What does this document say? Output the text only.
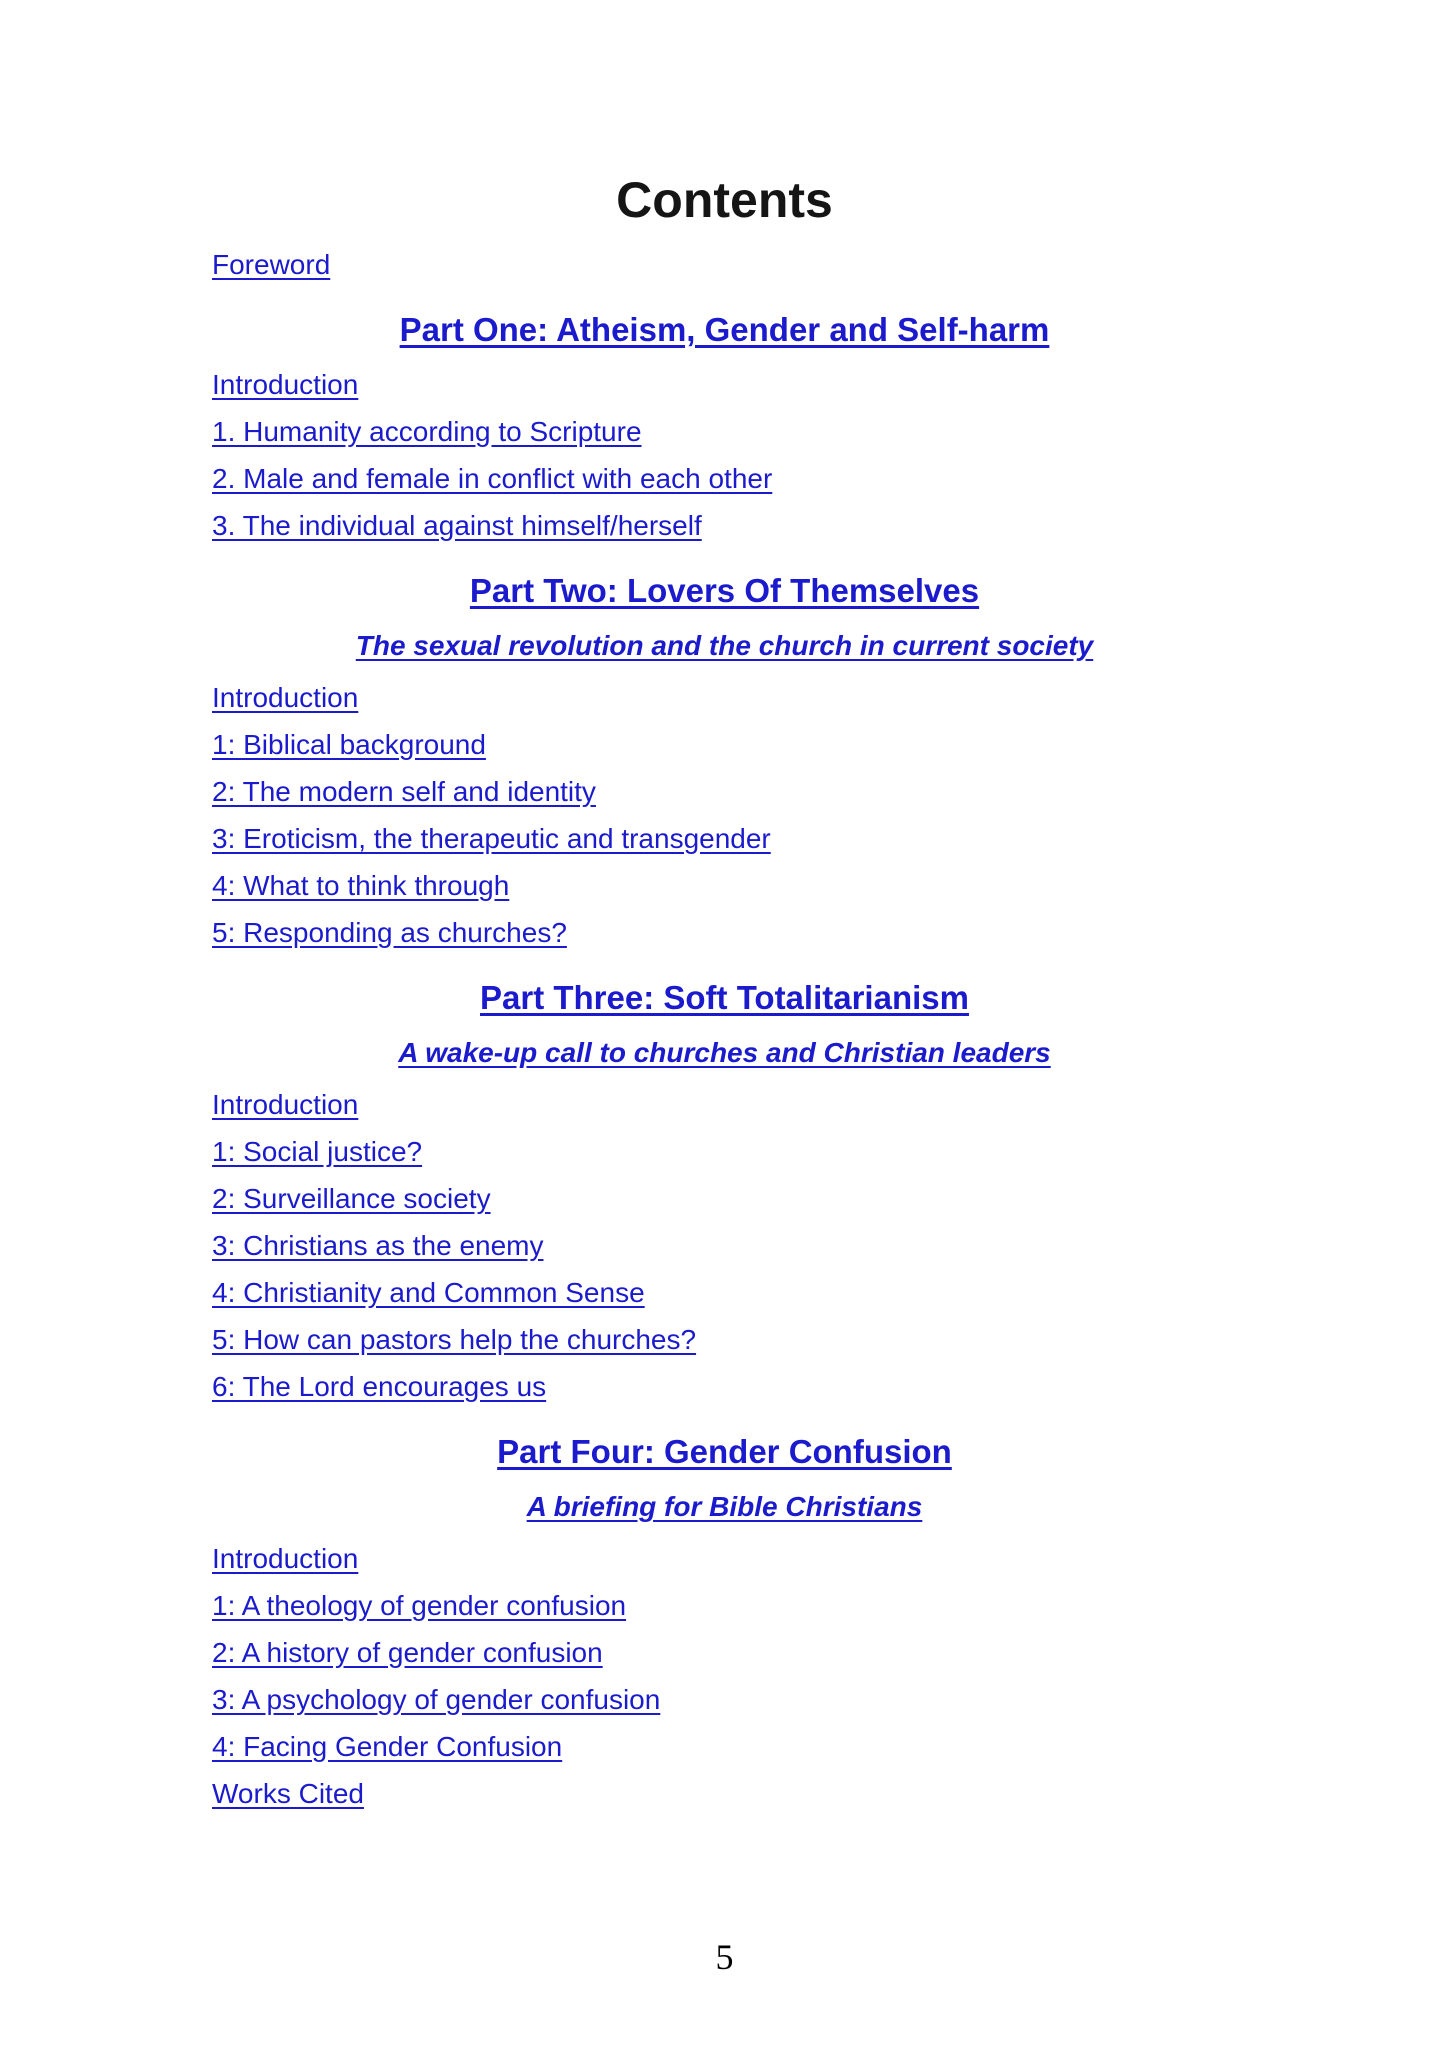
Contents
Foreword
Part One: Atheism, Gender and Self-harm
Introduction
1. Humanity according to Scripture
2. Male and female in conflict with each other
3. The individual against himself/herself
Part Two: Lovers Of Themselves
The sexual revolution and the church in current society
Introduction
1: Biblical background
2: The modern self and identity
3: Eroticism, the therapeutic and transgender
4: What to think through
5: Responding as churches?
Part Three: Soft Totalitarianism
A wake-up call to churches and Christian leaders
Introduction
1: Social justice?
2: Surveillance society
3: Christians as the enemy
4: Christianity and Common Sense
5: How can pastors help the churches?
6: The Lord encourages us
Part Four: Gender Confusion
A briefing for Bible Christians
Introduction
1: A theology of gender confusion
2: A history of gender confusion
3: A psychology of gender confusion
4: Facing Gender Confusion
Works Cited
5
